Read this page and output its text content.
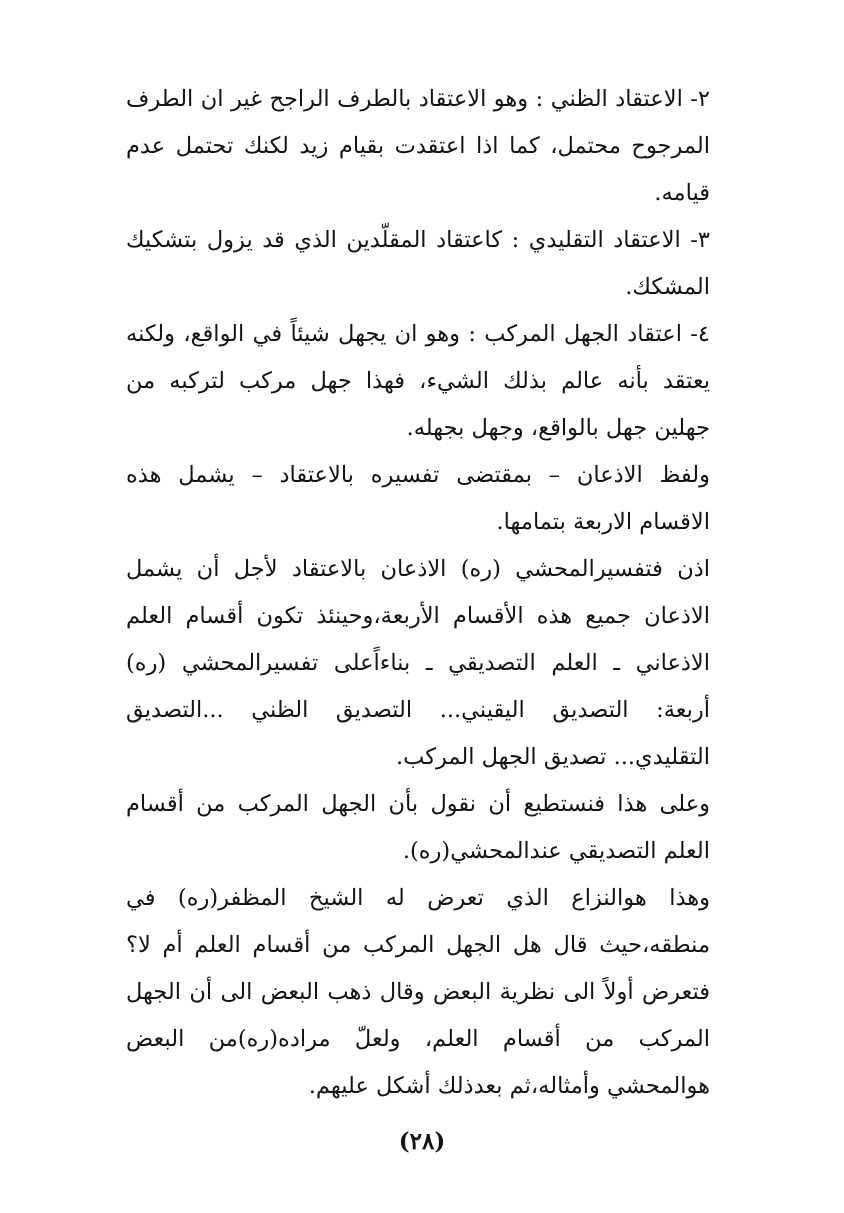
٢- الاعتقاد الظني : وهو الاعتقاد بالطرف الراجح غير ان الطرف المرجوح محتمل، كما اذا اعتقدت بقيام زيد لكنك تحتمل عدم قيامه.

٣- الاعتقاد التقليدي : كاعتقاد المقلّدين الذي قد يزول بتشكيك المشكك.

٤- اعتقاد الجهل المركب : وهو ان يجهل شيئاً في الواقع، ولكنه يعتقد بأنه عالم بذلك الشيء، فهذا جهل مركب لتركبه من جهلين جهل بالواقع، وجهل بجهله.

ولفظ الاذعان – بمقتضى تفسيره بالاعتقاد – يشمل هذه الاقسام الاربعة بتمامها.

اذن فتفسيرالمحشي (ره) الاذعان بالاعتقاد لأجل أن يشمل الاذعان جميع هذه الأقسام الأربعة،وحينئذ تكون أقسام العلم الاذعاني ـ العلم التصديقي ـ بناءاًعلى تفسيرالمحشي (ره) أربعة: التصديق اليقيني... التصديق الظني ...التصديق التقليدي... تصديق الجهل المركب.

وعلى هذا فنستطيع أن نقول بأن الجهل المركب من أقسام العلم التصديقي عندالمحشي(ره).

وهذا هوالنزاع الذي تعرض له الشيخ المظفر(ره) في منطقه،حيث قال هل الجهل المركب من أقسام العلم أم لا؟فتعرض أولاً الى نظرية البعض وقال ذهب البعض الى أن الجهل المركب من أقسام العلم، ولعلّ مراده(ره)من البعض هوالمحشي وأمثاله،ثم بعدذلك أشكل عليهم.

(٢٨)
